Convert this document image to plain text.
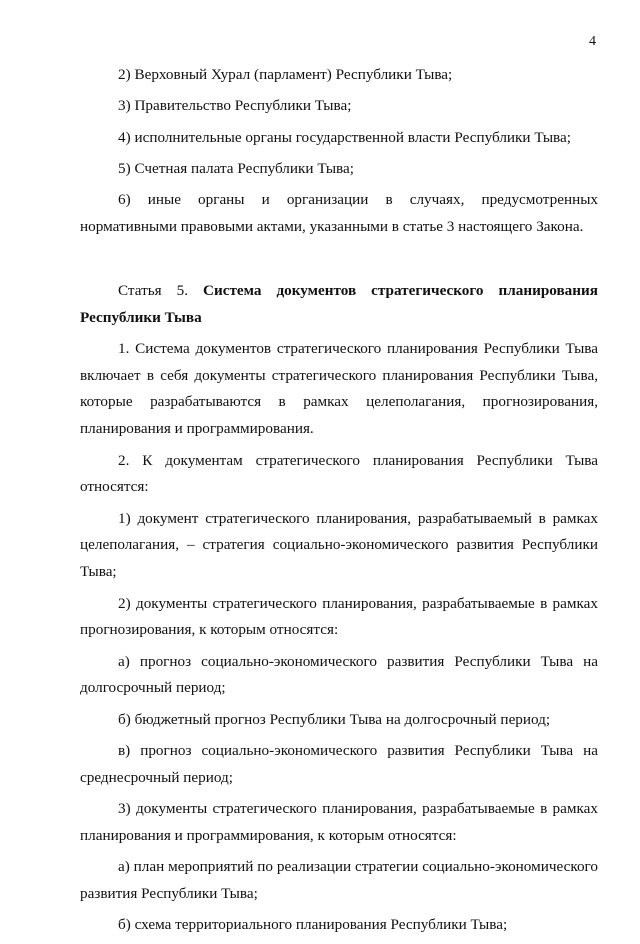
4

2) Верховный Хурал (парламент) Республики Тыва;

3) Правительство Республики Тыва;

4) исполнительные органы государственной власти Республики Тыва;

5) Счетная палата Республики Тыва;

6) иные органы и организации в случаях, предусмотренных нормативными правовыми актами, указанными в статье 3 настоящего Закона.

Статья 5. Система документов стратегического планирования Республики Тыва

1. Система документов стратегического планирования Республики Тыва включает в себя документы стратегического планирования Республики Тыва, которые разрабатываются в рамках целеполагания, прогнозирования, планирования и программирования.

2. К документам стратегического планирования Республики Тыва относятся:

1) документ стратегического планирования, разрабатываемый в рамках целеполагания, – стратегия социально-экономического развития Республики Тыва;

2) документы стратегического планирования, разрабатываемые в рамках прогнозирования, к которым относятся:

а) прогноз социально-экономического развития Республики Тыва на долгосрочный период;

б) бюджетный прогноз Республики Тыва на долгосрочный период;

в) прогноз социально-экономического развития Республики Тыва на среднесрочный период;

3) документы стратегического планирования, разрабатываемые в рамках планирования и программирования, к которым относятся:

а) план мероприятий по реализации стратегии социально-экономического развития Республики Тыва;

б) схема территориального планирования Республики Тыва;
